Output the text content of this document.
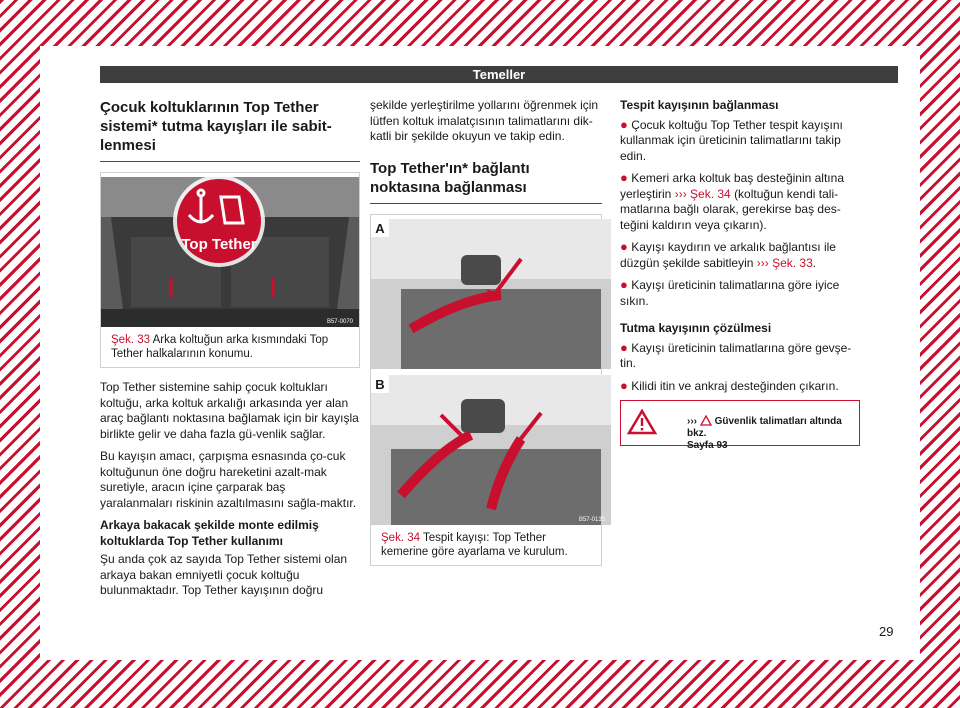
Temeller
Çocuk koltuklarının Top Tether sistemi* tutma kayışları ile sabit-lenmesi
Top Tether
B57-0070
Şek. 33 Arka koltuğun arka kısmındaki Top Tether halkalarının konumu.

Top Tether sistemine sahip çocuk koltukları koltuğu, arka koltuk arkalığı arkasında yer alan araç bağlantı noktasına bağlamak için bir kayışla birlikte gelir ve daha fazla gü-venlik sağlar.

Bu kayışın amacı, çarpışma esnasında ço-cuk koltuğunun öne doğru hareketini azalt-mak suretiyle, aracın içine çarparak baş yaralanmaları riskinin azaltılmasını sağla-maktır.

Arkaya bakacak şekilde monte edilmiş koltuklarda Top Tether kullanımı

Şu anda çok az sayıda Top Tether sistemi olan arkaya bakan emniyetli çocuk koltuğu bulunmaktadır. Top Tether kayışının doğru

şekilde yerleştirilme yollarını öğrenmek için lütfen koltuk imalatçısının talimatlarını dik-katli bir şekilde okuyun ve takip edin.

Top Tether'ın* bağlantı noktasına bağlanması
A
B
B57-0135
Şek. 34 Tespit kayışı: Top Tether kemerine göre ayarlama ve kurulum.
Tespit kayışının bağlanması
● Çocuk koltuğu Top Tether tespit kayışını kullanmak için üreticinin talimatlarını takip edin.
● Kemeri arka koltuk baş desteğinin altına yerleştirin ››› Şek. 34 (koltuğun kendi tali-matlarına bağlı olarak, gerekirse baş des-teğini kaldırın veya çıkarın).
● Kayışı kaydırın ve arkalık bağlantısı ile düzgün şekilde sabitleyin ››› Şek. 33.
● Kayışı üreticinin talimatlarına göre iyice sıkın.
Tutma kayışının çözülmesi
● Kayışı üreticinin talimatlarına göre gevşe-tin.
● Kilidi itin ve ankraj desteğinden çıkarın.
››› Güvenlik talimatları altında bkz.
Sayfa 93
29
